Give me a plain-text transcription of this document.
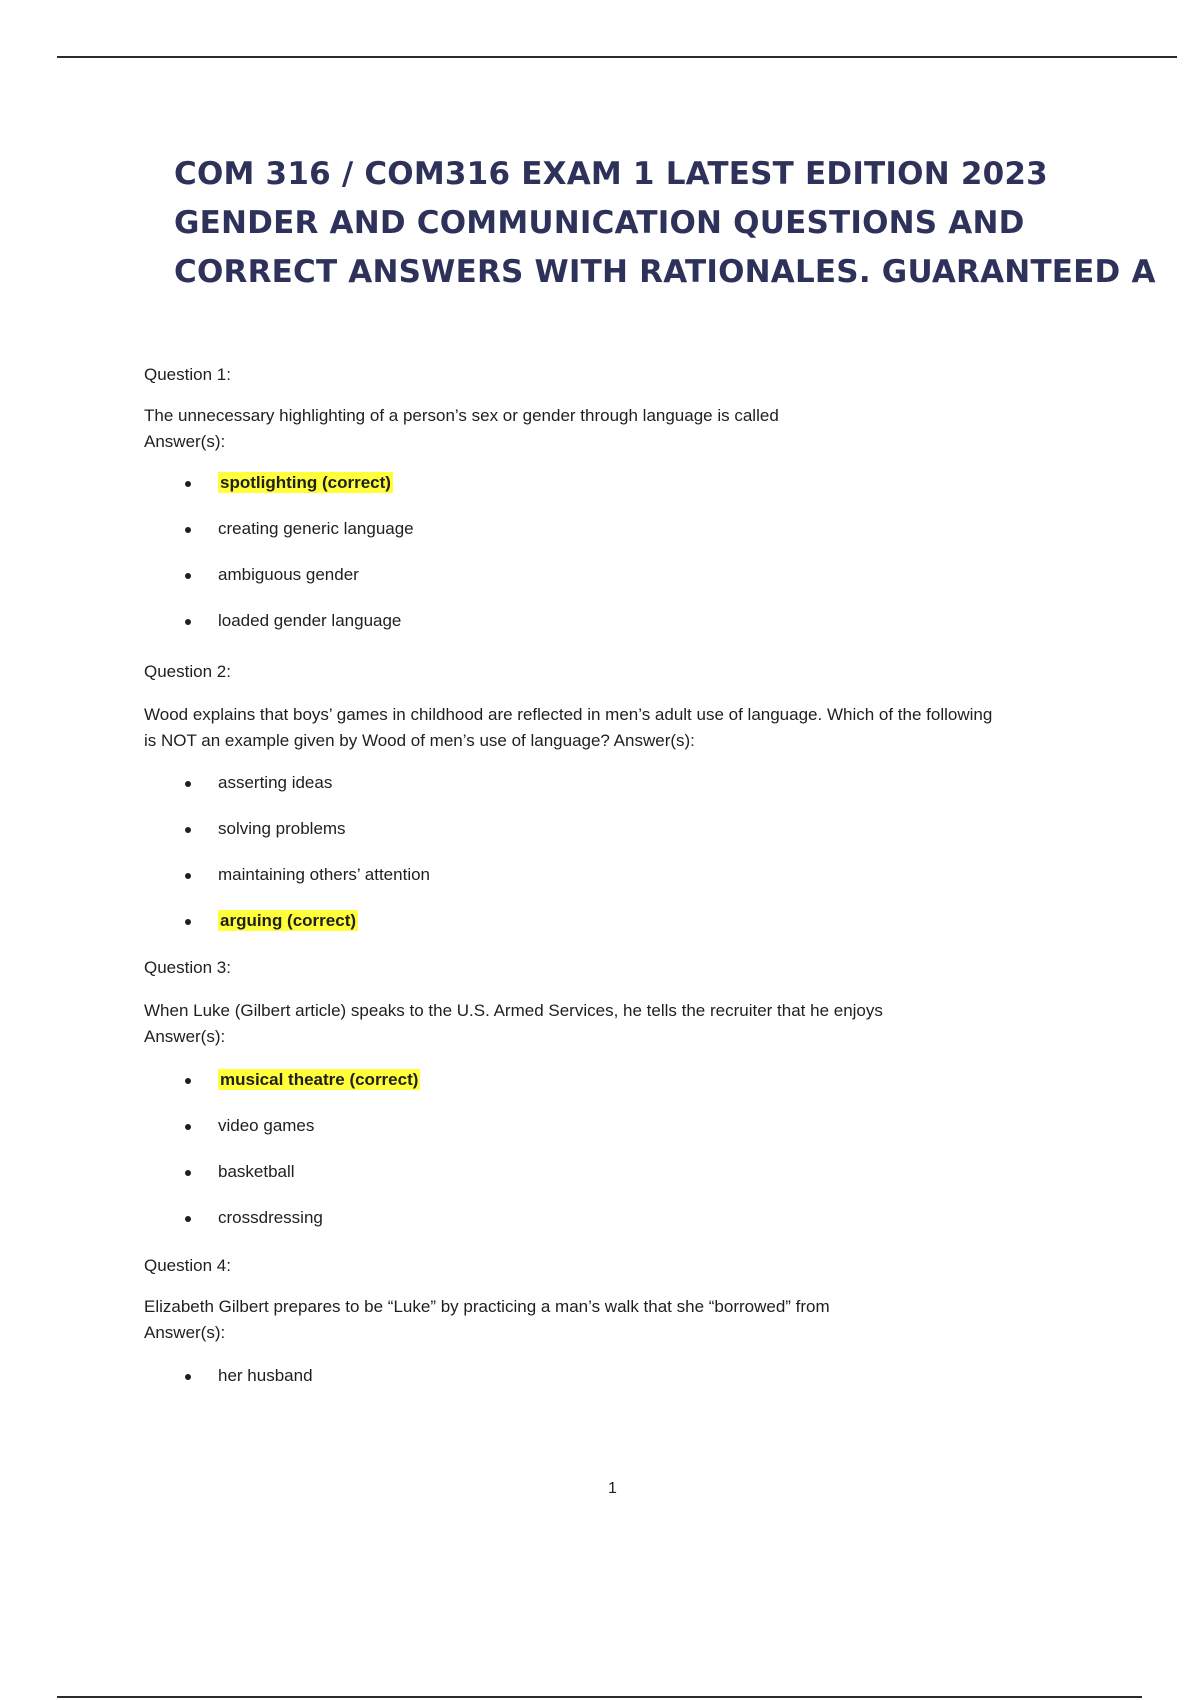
COM 316 / COM316 EXAM 1 LATEST EDITION 2023
GENDER AND COMMUNICATION QUESTIONS AND
CORRECT ANSWERS WITH RATIONALES. GUARANTEED A

Question 1:

The unnecessary highlighting of a person’s sex or gender through language is called
Answer(s):

spotlighting (correct)
creating generic language
ambiguous gender
loaded gender language

Question 2:

Wood explains that boys’ games in childhood are reflected in men’s adult use of language. Which of the following
is NOT an example given by Wood of men’s use of language? Answer(s):

asserting ideas
solving problems
maintaining others’ attention
arguing (correct)

Question 3:

When Luke (Gilbert article) speaks to the U.S. Armed Services, he tells the recruiter that he enjoys
Answer(s):

musical theatre (correct)
video games
basketball
crossdressing

Question 4:

Elizabeth Gilbert prepares to be “Luke” by practicing a man’s walk that she “borrowed” from
Answer(s):

her husband
1
